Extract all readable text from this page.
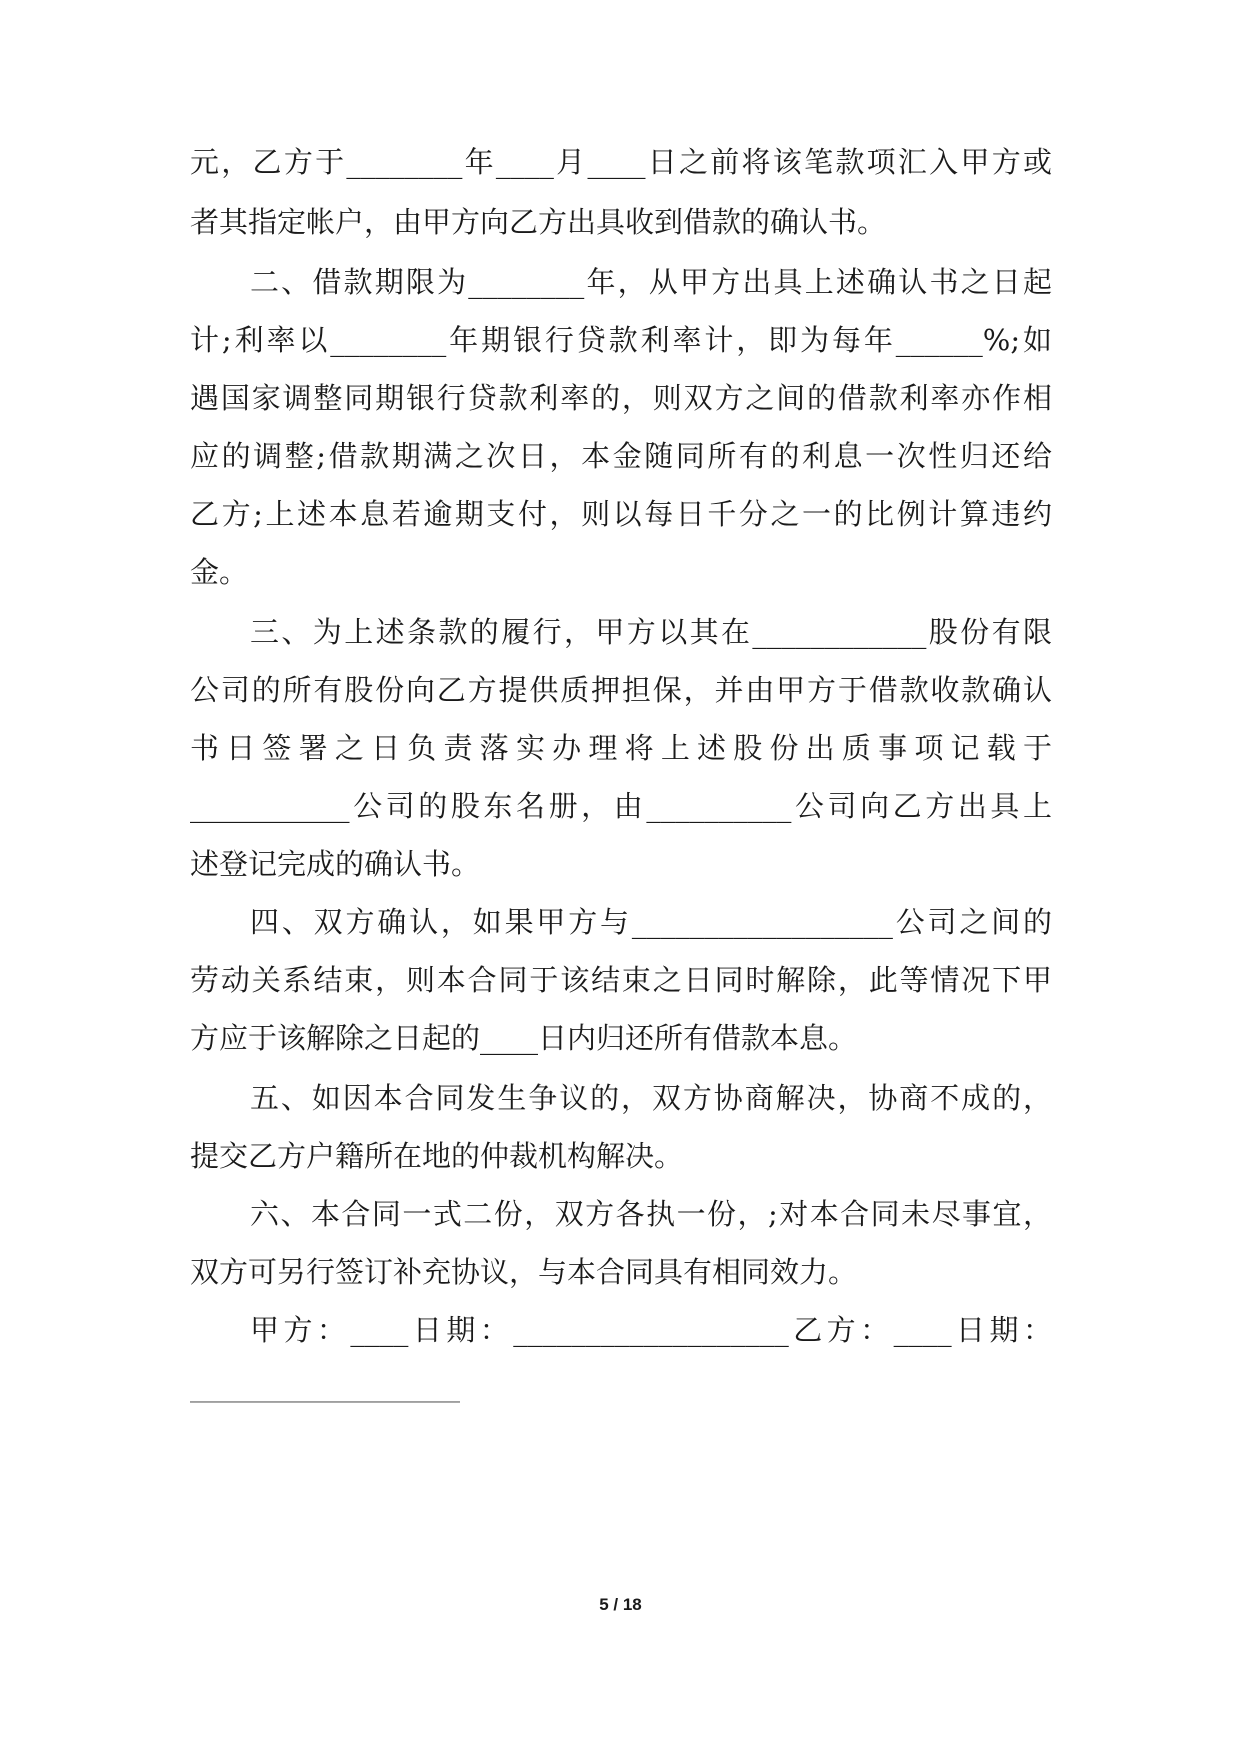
元，乙方于________年____月____日之前将该笔款项汇入甲方或
者其指定帐户，由甲方向乙方出具收到借款的确认书。
二、借款期限为________年，从甲方出具上述确认书之日起
计;利率以________年期银行贷款利率计，即为每年______%;如
遇国家调整同期银行贷款利率的，则双方之间的借款利率亦作相
应的调整;借款期满之次日，本金随同所有的利息一次性归还给
乙方;上述本息若逾期支付，则以每日千分之一的比例计算违约
金。
三、为上述条款的履行，甲方以其在____________股份有限
公司的所有股份向乙方提供质押担保，并由甲方于借款收款确认
书日签署之日负责落实办理将上述股份出质事项记载于
___________公司的股东名册，由__________公司向乙方出具上
述登记完成的确认书。
四、双方确认，如果甲方与__________________公司之间的
劳动关系结束，则本合同于该结束之日同时解除，此等情况下甲
方应于该解除之日起的____日内归还所有借款本息。
五、如因本合同发生争议的，双方协商解决，协商不成的，
提交乙方户籍所在地的仲裁机构解决。
六、本合同一式二份，双方各执一份，;对本合同未尽事宜，
双方可另行签订补充协议，与本合同具有相同效力。
甲方：____日期：___________________乙方：____日期：
____________________
5 / 18
